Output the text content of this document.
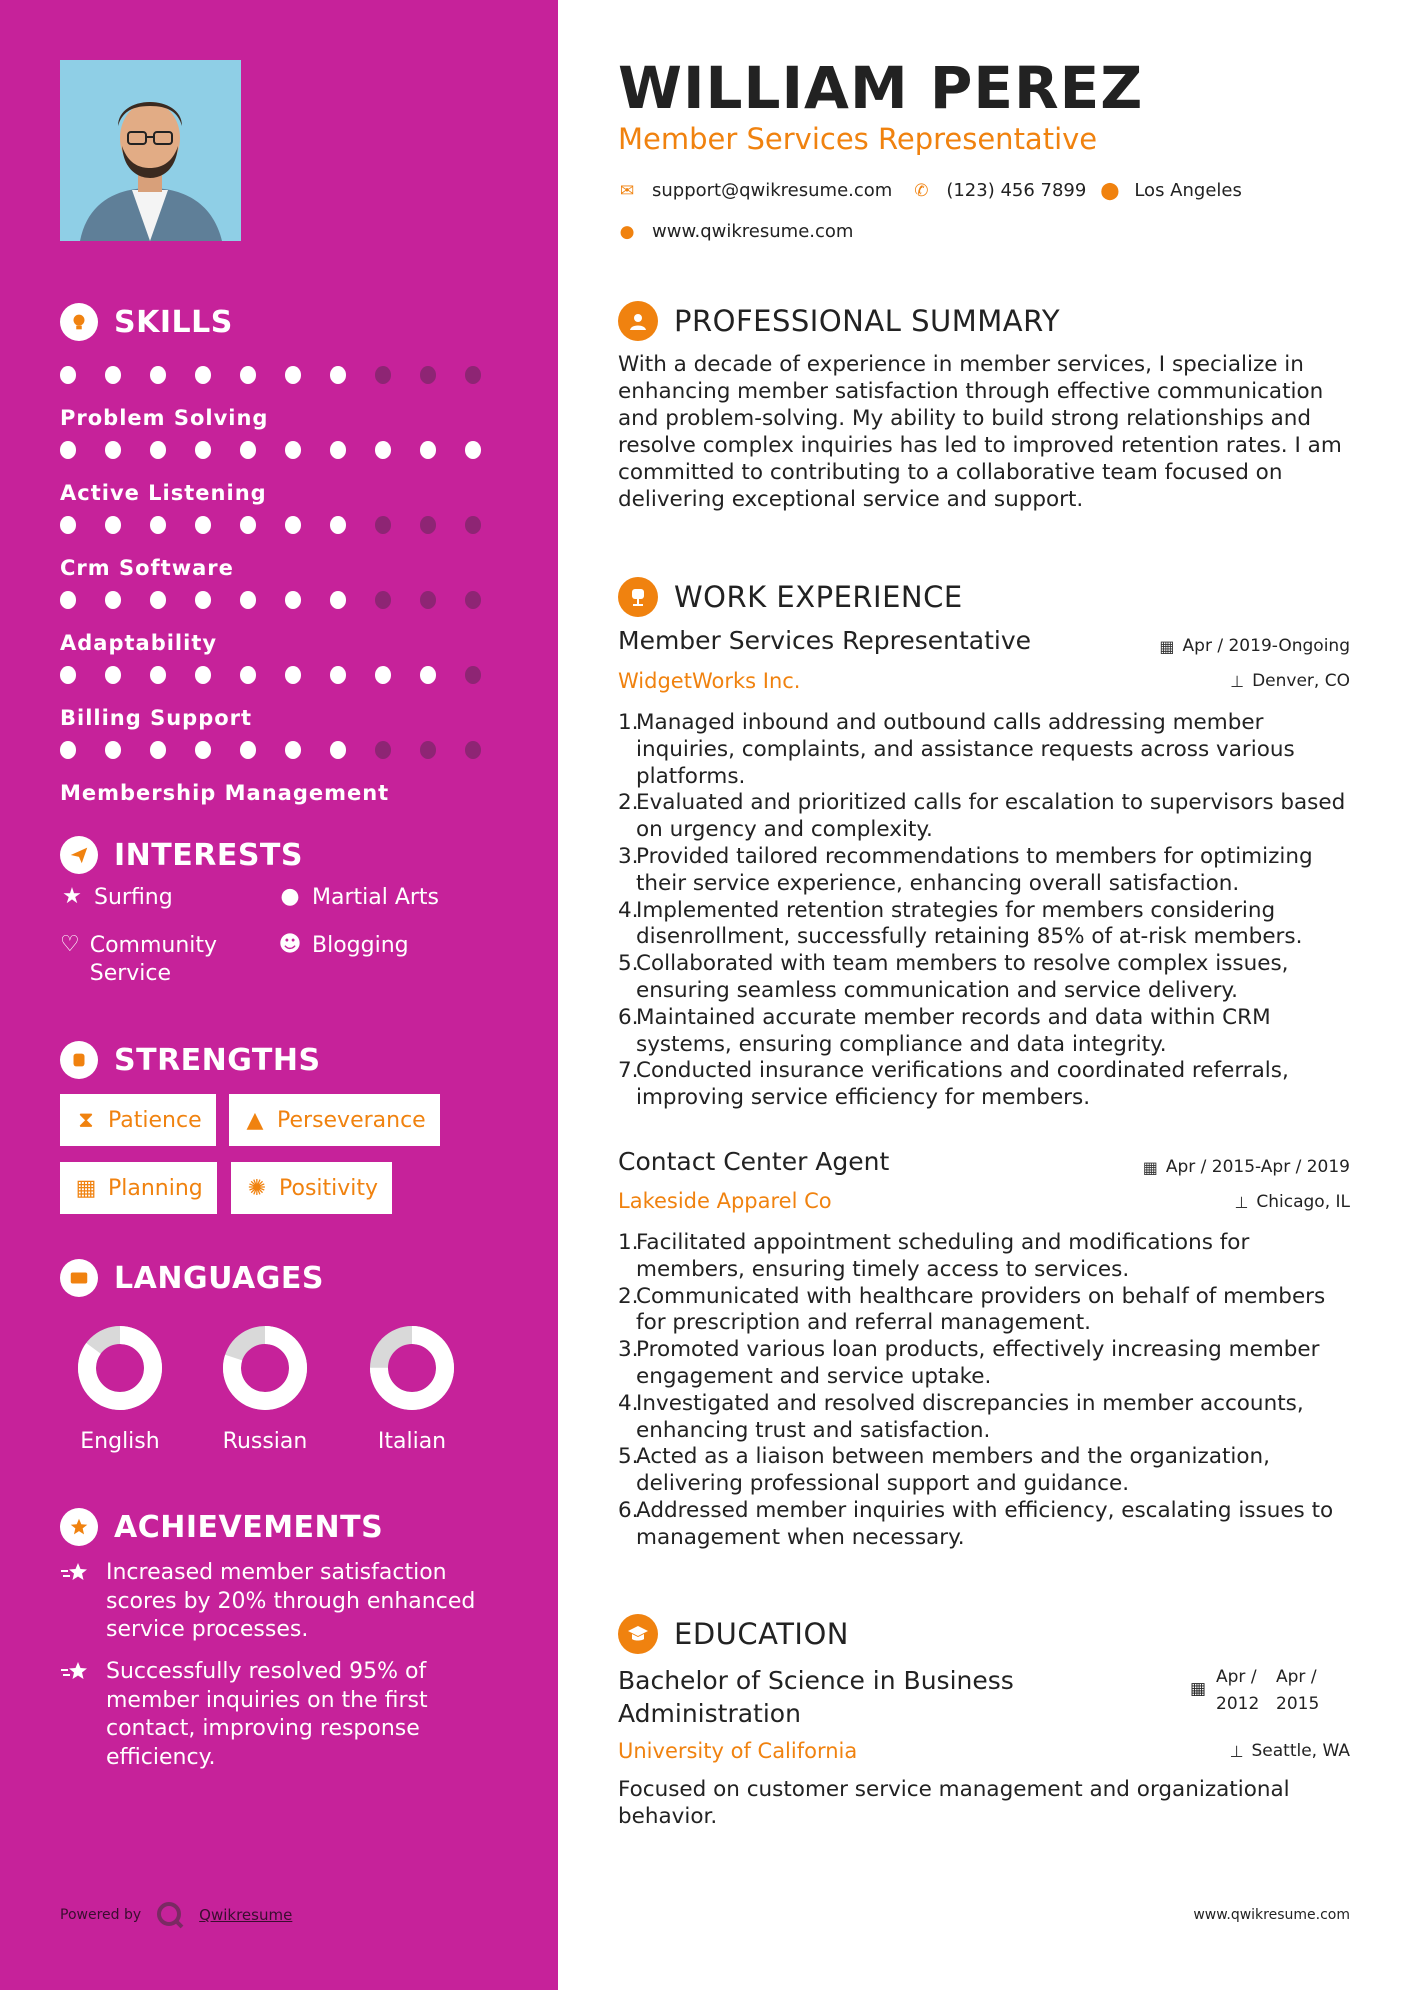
SKILLS
Problem Solving
Active Listening
Crm Software
Adaptability
Billing Support
Membership Management
INTERESTS
★ Surfing	● Martial Arts
♡ Community Service
☻ Blogging
STRENGTHS
⧗ Patience ▲ Perseverance
▦ Planning ✺ Positivity
LANGUAGES
English	Russian	Italian
ACHIEVEMENTS
Increased member satisfaction scores by 20% through enhanced service processes.
Successfully resolved 95% of member inquiries on the first contact, improving response efficiency.
Powered by	Qwikresume
WILLIAM PEREZ
Member Services Representative
✉ support@qwikresume.com ✆ (123) 456 7899 ⬤ Los Angeles
● www.qwikresume.com
PROFESSIONAL SUMMARY
With a decade of experience in member services, I specialize in enhancing member satisfaction through effective communication and problem-solving. My ability to build strong relationships and resolve complex inquiries has led to improved retention rates. I am committed to contributing to a collaborative team focused on delivering exceptional service and support.
WORK EXPERIENCE
Member Services Representative	▦ Apr / 2019-Ongoing
WidgetWorks Inc.	⊥ Denver, CO
1.
Managed inbound and outbound calls addressing member inquiries, complaints, and assistance requests across various platforms.
2.
Evaluated and prioritized calls for escalation to supervisors based on urgency and complexity.
3.
Provided tailored recommendations to members for optimizing their service experience, enhancing overall satisfaction.
4.
Implemented retention strategies for members considering disenrollment, successfully retaining 85% of at-risk members.
5.
Collaborated with team members to resolve complex issues, ensuring seamless communication and service delivery.
6.
Maintained accurate member records and data within CRM systems, ensuring compliance and data integrity.
7.
Conducted insurance verifications and coordinated referrals, improving service efficiency for members.
Contact Center Agent	▦ Apr / 2015-Apr / 2019
Lakeside Apparel Co	⊥ Chicago, IL
1.
Facilitated appointment scheduling and modifications for members, ensuring timely access to services.
2.
Communicated with healthcare providers on behalf of members for prescription and referral management.
3.
Promoted various loan products, effectively increasing member engagement and service uptake.
4.
Investigated and resolved discrepancies in member accounts, enhancing trust and satisfaction.
5.
Acted as a liaison between members and the organization, delivering professional support and guidance.
6.
Addressed member inquiries with efficiency, escalating issues to management when necessary.
EDUCATION
Bachelor of Science in Business Administration
▦
Apr / 2012
Apr / 2015
University of California	⊥ Seattle, WA
Focused on customer service management and organizational behavior.
www.qwikresume.com
